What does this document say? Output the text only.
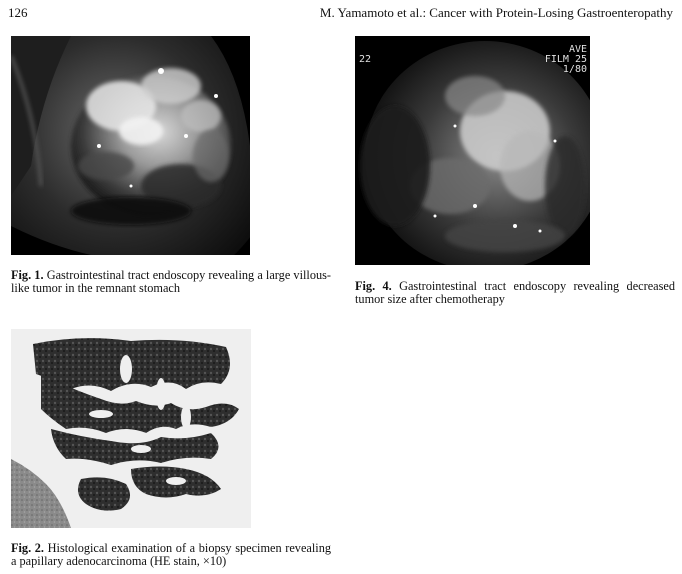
126	M. Yamamoto et al.: Cancer with Protein-Losing Gastroenteropathy
Fig. 1. Gastrointestinal tract endoscopy revealing a large villous-like tumor in the remnant stomach
22
AVE
FILM 25
1/80
Fig. 4. Gastrointestinal tract endoscopy revealing decreased tumor size after chemotherapy
Fig. 2. Histological examination of a biopsy specimen revealing a papillary adenocarcinoma (HE stain, ×10)
